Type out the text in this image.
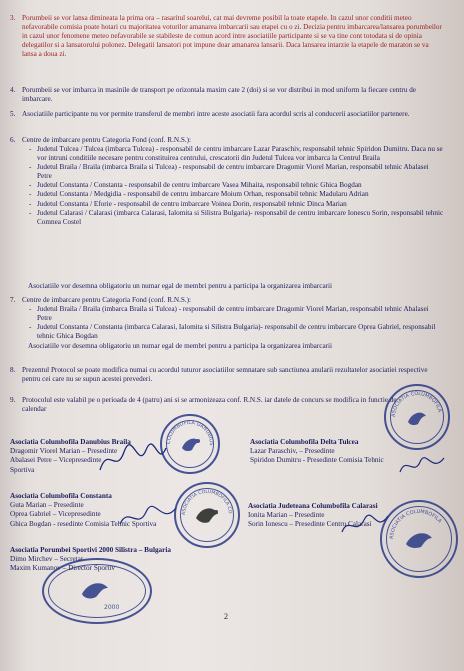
3. Porumbeii se vor lansa dimineata la prima ora – rasaritul soarelui, cat mai devreme posibil la toate etapele. In cazul unor conditii meteo nefavorabile comisia poate hotari cu majoritatea voturilor amanarea imbarcarii sau etapei cu o zi. Decizia pentru imbarcarea/lansarea porumbeilor in cazul unor fenomene meteo nefavorabile se stabileste de comun acord intre asociatiile participante si se va tine cont totodata si de opinia delegatilor si a lansatorului polonez. Delegatii lansatori pot impune doar amanarea lansarii. Daca lansarea intarzie la etapele de maraton se va lansa a doua zi.
4. Porumbeii se vor imbarca in masinile de transport pe orizontala maxim cate 2 (doi) si se vor distribui in mod uniform la fiecare centru de imbarcare.
5. Asociatiile participante nu vor permite transferul de membri intre aceste asociatii fara acordul scris al conducerii asociatiilor partenere.
6. Centre de imbarcare pentru Categoria Fond (conf. R.N.S.):
- Judetul Tulcea / Tulcea (imbarca Tulcea) - responsabil de centru imbarcare Lazar Paraschiv, responsabil tehnic Spiridon Dumitru. Daca nu se vor intruni conditiile necesare pentru constituirea centrului, crescatorii din Judetul Tulcea vor imbarca la Centrul Braila
- Judetul Braila / Braila (imbarca Braila si Tulcea) - responsabil de centru imbarcare Dragomir Viorel Marian, responsabil tehnic Abalasei Petre
- Judetul Constanta / Constanta - responsabil de centru imbarcare Vasea Mihaita, responsabil tehnic Ghica Bogdan
- Judetul Constanta / Medgidia - responsabil de centru imbarcare Moium Orhan, responsabil tehnic Madularu Adrian
- Judetul Constanta / Eforie - responsabil de centru imbarcare Voinea Dorin, responsabil tehnic Dinca Marian
- Judetul Calarasi / Calarasi (imbarca Calarasi, Ialomita si Silistra Bulgaria)- responsabil de centru imbarcare Ionescu Sorin, responsabil tehnic Comnea Costel
Asociatiile vor desemna obligatoriu un numar egal de membri pentru a participa la organizarea imbarcarii
7. Centre de imbarcare pentru Categoria Fond (conf. R.N.S.):
- Judetul Braila / Braila (imbarca Braila si Tulcea) - responsabil de centru imbarcare Dragomir Viorel Marian, responsabil tehnic Abalasei Petre
- Judetul Constanta / Constanta (imbarca Calarasi, Ialomita si Silistra Bulgaria)- responsabil de centru imbarcare Oprea Gabriel, responsabil tehnic Ghica Bogdan
Asociatiile vor desemna obligatoriu un numar egal de membri pentru a participa la organizarea imbarcarii
8. Prezentul Protocol se poate modifica numai cu acordul tuturor asociatiilor semnatare sub sanctiunea anularii rezultatelor asociatiei respective pentru cei care nu se supun acestei prevederi.
9. Protocolul este valabil pe o perioada de 4 (patru) ani si se armonizeaza conf. R.N.S. iar datele de concurs se modifica in functie de calendar
COLUMBOFILA DANUBIUS
ASOCIATIA COLUMBOFILA
Asociatia Columbofila Danubius Braila
Dragomir Viorel Marian – Presedinte
Abalasei Petre – Vicepresedinte
Sportiva
Asociatia Columbofila Delta Tulcea
Lazar Paraschiv, – Presedinte
Spiridon Dumitru - Presedinte Comisia Tehnic
ASOCIATIA COLUMBOFILA CO
Asociatia Columbofila Constanta
Guta Marian – Presedinte
Oprea Gabriel – Vicepresedinte
Ghica Bogdan - resedinte Comisia Tehnic Sportiva
ASOCIATIA COLUMBOFILA
Asociatia Judeteana Columbofila Calarasi
Ionita Marian – Presedinte
Sorin Ionescu – Presedinte Centru Calarasi
Asociatia Porumbei Sportivi 2000 Silistra – Bulgaria
Dimo Mirchev – Secretar
Maxim Kumanov – Director Sportiv
2000
2
